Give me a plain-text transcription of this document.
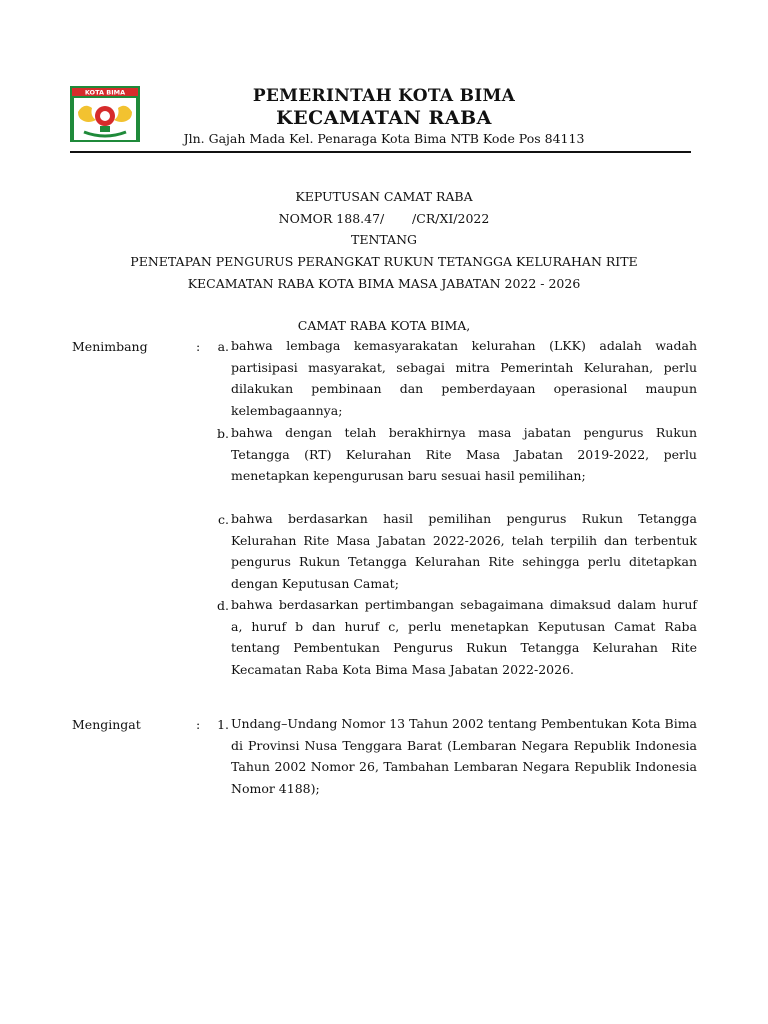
KOTA BIMA	PEMERINTAH KOTA BIMA
KECAMATAN RABA
Jln. Gajah Mada Kel. Penaraga Kota Bima NTB Kode Pos 84113
KEPUTUSAN CAMAT RABA
NOMOR 188.47/       /CR/XI/2022
TENTANG
PENETAPAN PENGURUS PERANGKAT RUKUN TETANGGA KELURAHAN RITE
KECAMATAN RABA KOTA BIMA MASA JABATAN 2022 - 2026
CAMAT RABA KOTA BIMA,
Menimbang	:	a. bahwa lembaga kemasyarakatan kelurahan (LKK) adalah wadah partisipasi masyarakat, sebagai mitra Pemerintah Kelurahan, perlu dilakukan pembinaan dan pemberdayaan operasional maupun kelembagaannya;
b. bahwa dengan telah berakhirnya masa jabatan pengurus Rukun Tetangga (RT) Kelurahan Rite Masa Jabatan 2019-2022, perlu menetapkan kepengurusan baru sesuai hasil pemilihan;
c. bahwa berdasarkan hasil pemilihan pengurus Rukun Tetangga Kelurahan Rite Masa Jabatan 2022-2026, telah terpilih dan terbentuk pengurus Rukun Tetangga Kelurahan Rite sehingga perlu ditetapkan dengan Keputusan Camat;
d. bahwa berdasarkan pertimbangan sebagaimana dimaksud dalam huruf a, huruf b dan huruf c, perlu menetapkan Keputusan Camat Raba tentang Pembentukan Pengurus Rukun Tetangga Kelurahan Rite Kecamatan Raba Kota Bima Masa Jabatan 2022-2026.
Mengingat	:	1. Undang–Undang Nomor 13 Tahun 2002 tentang Pembentukan Kota Bima di Provinsi Nusa Tenggara Barat (Lembaran Negara Republik Indonesia Tahun 2002 Nomor 26, Tambahan Lembaran Negara Republik Indonesia Nomor 4188);
